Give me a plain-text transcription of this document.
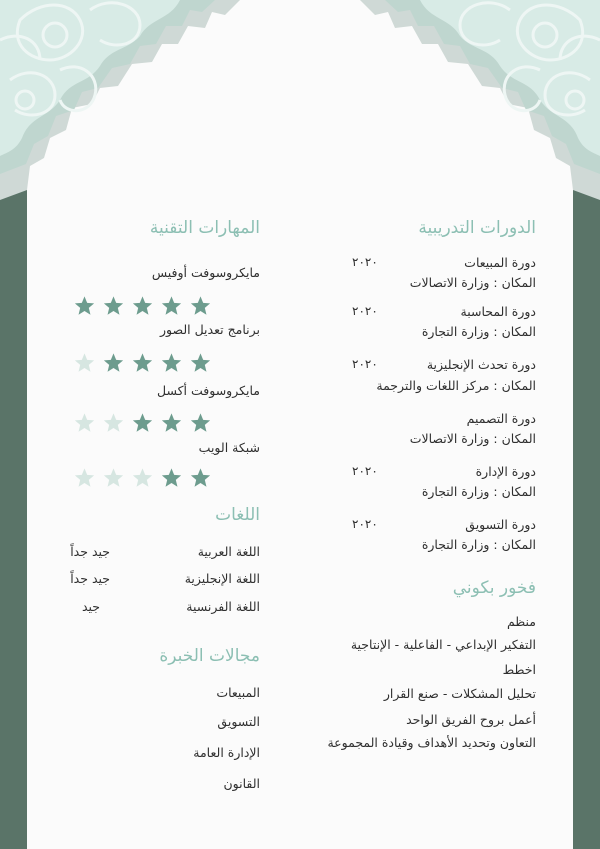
الدورات التدريبية
دورة المبيعات
٢٠٢٠
المكان : وزارة الاتصالات
دورة المحاسبة
٢٠٢٠
المكان : وزارة التجارة
دورة تحدث الإنجليزية
٢٠٢٠
المكان : مركز اللغات والترجمة
دورة التصميم
المكان : وزارة الاتصالات
دورة الإدارة
٢٠٢٠
المكان : وزارة التجارة
دورة التسويق
٢٠٢٠
المكان : وزارة التجارة
فخور بكوني
منظم
التفكير الإبداعي - الفاعلية - الإنتاجية
اخطط
تحليل المشكلات - صنع القرار
أعمل بروح الفريق الواحد
التعاون وتحديد الأهداف وقيادة المجموعة
المهارات التقنية
مايكروسوفت أوفيس
برنامج تعديل الصور
مايكروسوفت أكسل
شبكة الويب
اللغات
اللغة العربية
جيد جداً
اللغة الإنجليزية
جيد جداً
اللغة الفرنسية
جيد
مجالات الخبرة
المبيعات
التسويق
الإدارة العامة
القانون
